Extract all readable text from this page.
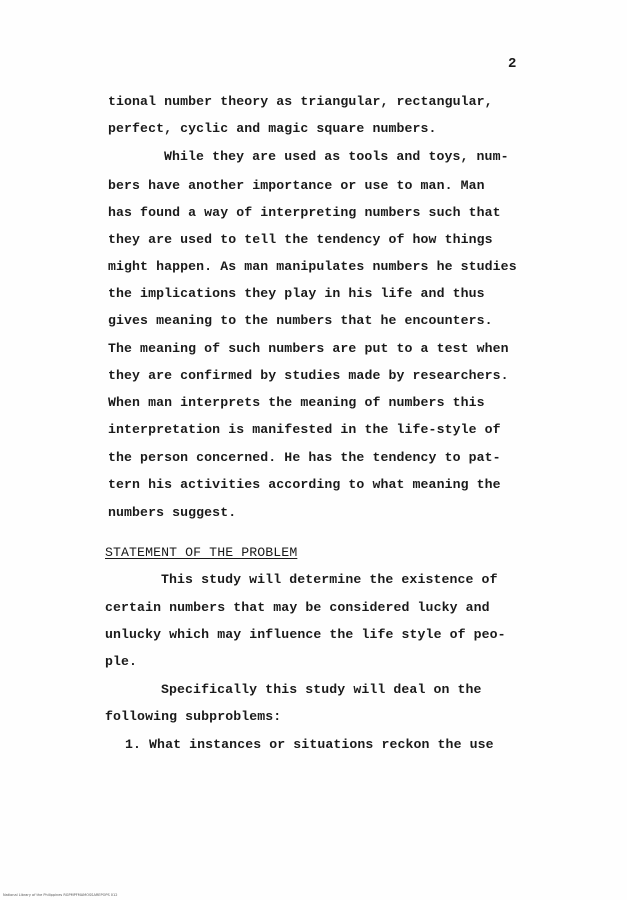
2
tional number theory as triangular, rectangular,
perfect, cyclic and magic square numbers.
While they are used as tools and toys, num-
bers have another importance or use to man. Man
has found a way of interpreting numbers such that
they are used to tell the tendency of how things
might happen. As man manipulates numbers he studies
the implications they play in his life and thus
gives meaning to the numbers that he encounters.
The meaning of such numbers are put to a test when
they are confirmed by studies made by researchers.
When man interprets the meaning of numbers this
interpretation is manifested in the life-style of
the person concerned. He has the tendency to pat-
tern his activities according to what meaning the
numbers suggest.
STATEMENT OF THE PROBLEM
This study will determine the existence of
certain numbers that may be considered lucky and
unlucky which may influence the life style of peo-
ple.
Specifically this study will deal on the
following subproblems:
1. What instances or situations reckon the use
National Library of the Philippines RGPMPFMAMOSSAREPOPS 012
